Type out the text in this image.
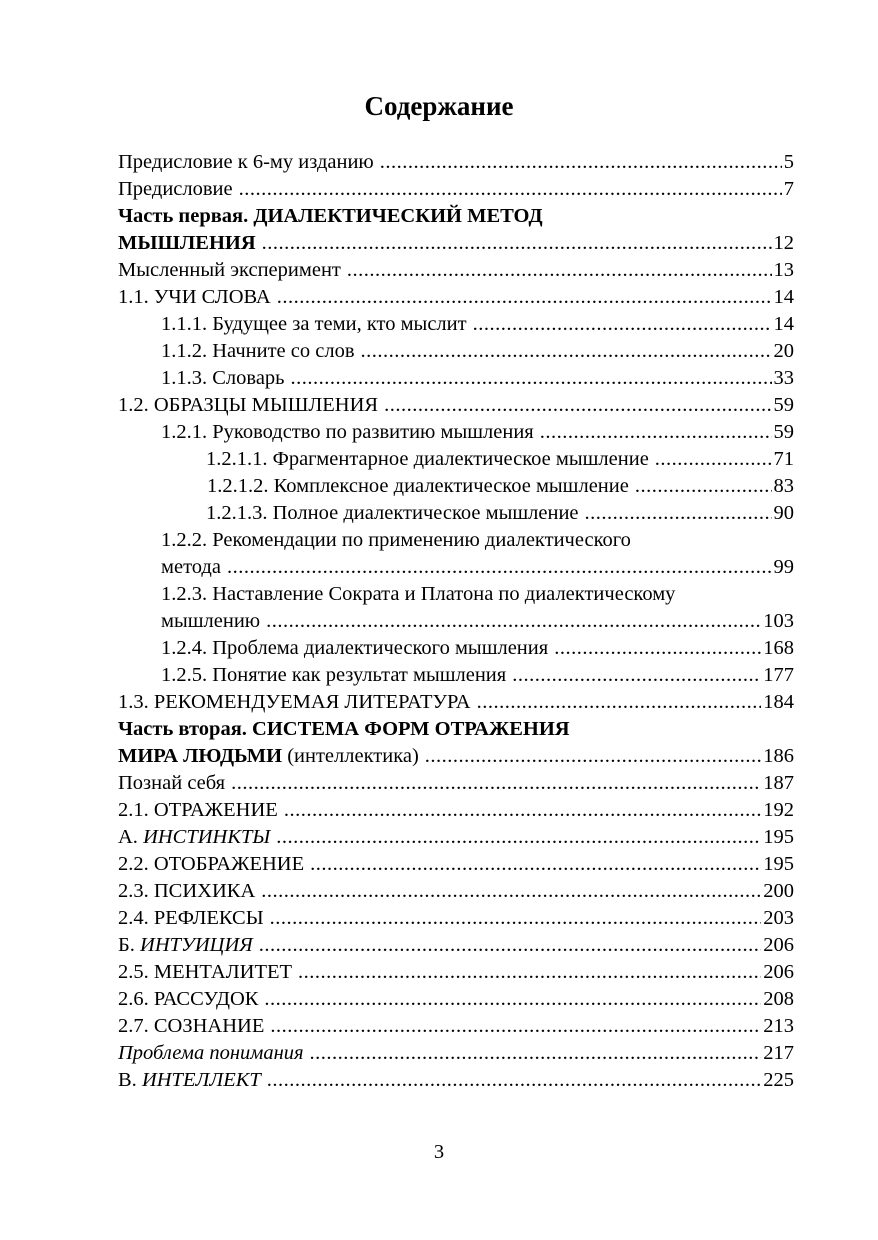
Содержание
Предисловие к 6-му изданию .....	5
Предисловие .....	7
Часть первая. ДИАЛЕКТИЧЕСКИЙ МЕТОД
МЫШЛЕНИЯ .....	12
Мысленный эксперимент .....	13
1.1. УЧИ СЛОВА .....	14
1.1.1. Будущее за теми, кто мыслит .....	14
1.1.2. Начните со слов .....	20
1.1.3. Словарь .....	33
1.2. ОБРАЗЦЫ МЫШЛЕНИЯ .....	59
1.2.1. Руководство по развитию мышления .....	59
1.2.1.1. Фрагментарное диалектическое мышление .....	71
1.2.1.2. Комплексное диалектическое мышление .....	83
1.2.1.3. Полное диалектическое мышление .....	90
1.2.2. Рекомендации по применению диалектического
метода .....	99
1.2.3. Наставление Сократа и Платона по диалектическому
мышлению .....	103
1.2.4. Проблема диалектического мышления .....	168
1.2.5. Понятие как результат мышления .....	177
1.3. РЕКОМЕНДУЕМАЯ ЛИТЕРАТУРА .....	184
Часть вторая. СИСТЕМА ФОРМ ОТРАЖЕНИЯ
МИРА ЛЮДЬМИ (интеллектика) .....	186
Познай себя .....	187
2.1. ОТРАЖЕНИЕ .....	192
А. ИНСТИНКТЫ .....	195
2.2. ОТОБРАЖЕНИЕ .....	195
2.3. ПСИХИКА .....	200
2.4. РЕФЛЕКСЫ .....	203
Б. ИНТУИЦИЯ .....	206
2.5. МЕНТАЛИТЕТ .....	206
2.6. РАССУДОК .....	208
2.7. СОЗНАНИЕ .....	213
Проблема понимания .....	217
В. ИНТЕЛЛЕКТ .....	225
3
